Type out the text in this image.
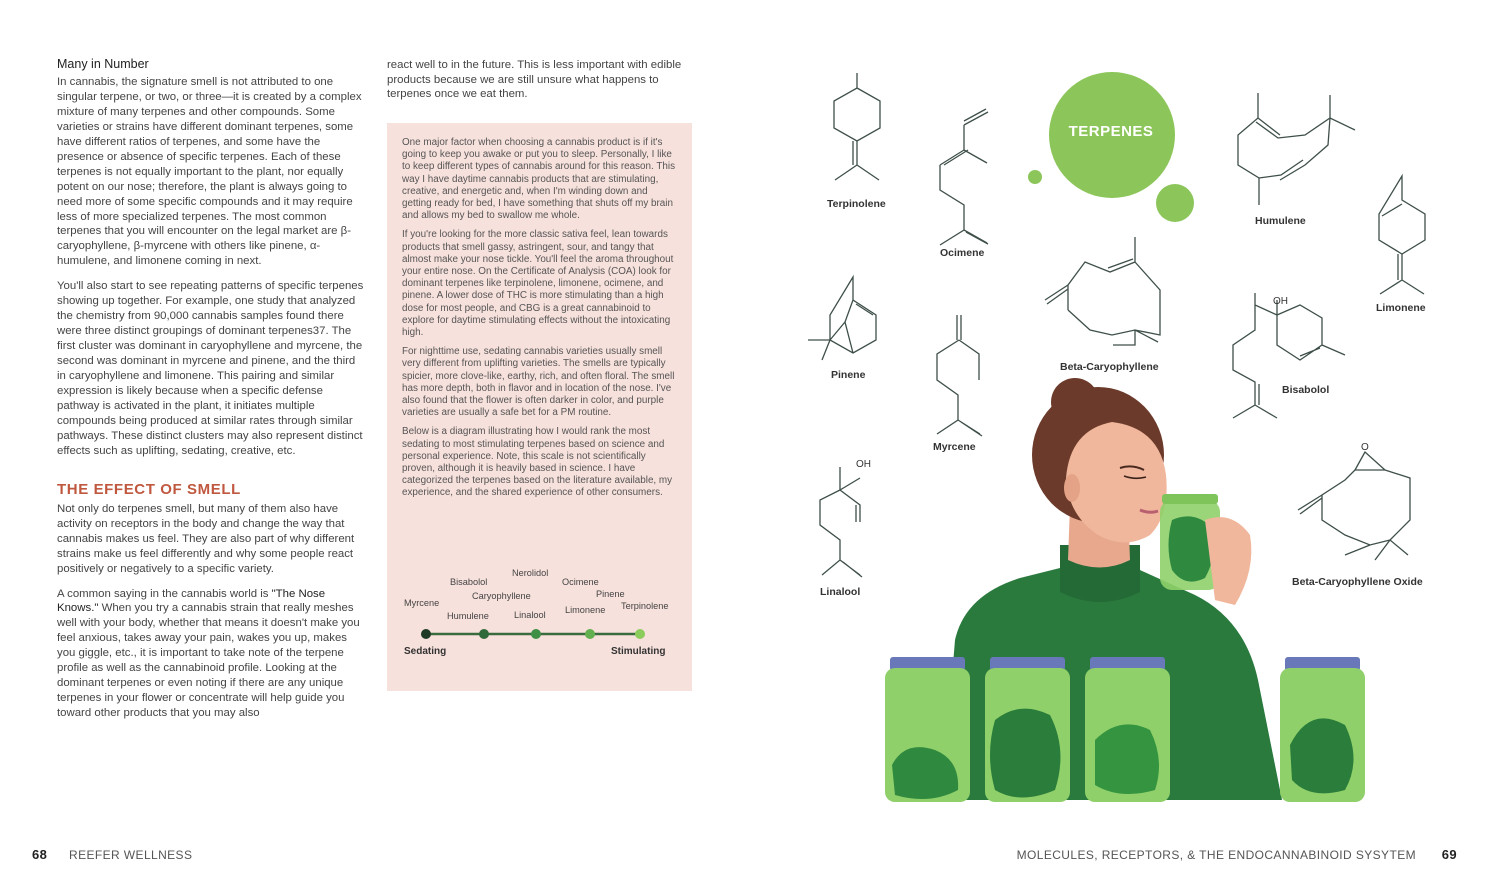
Many in Number

In cannabis, the signature smell is not attributed to one singular terpene, or two, or three—it is created by a complex mixture of many terpenes and other compounds. Some varieties or strains have different dominant terpenes, some have different ratios of terpenes, and some have the presence or absence of specific terpenes. Each of these terpenes is not equally important to the plant, nor equally potent on our nose; therefore, the plant is always going to need more of some specific compounds and it may require less of more specialized terpenes. The most common terpenes that you will encounter on the legal market are β-caryophyllene, β-myrcene with others like pinene, α-humulene, and limonene coming in next.

You'll also start to see repeating patterns of specific terpenes showing up together. For example, one study that analyzed the chemistry from 90,000 cannabis samples found there were three distinct groupings of dominant terpenes37. The first cluster was dominant in caryophyllene and myrcene, the second was dominant in myrcene and pinene, and the third in caryophyllene and limonene. This pairing and similar expression is likely because when a specific defense pathway is activated in the plant, it initiates multiple compounds being produced at similar rates through similar pathways. These distinct clusters may also represent distinct effects such as uplifting, sedating, creative, etc.

THE EFFECT OF SMELL

Not only do terpenes smell, but many of them also have activity on receptors in the body and change the way that cannabis makes us feel. They are also part of why different strains make us feel differently and why some people react positively or negatively to a specific variety.

A common saying in the cannabis world is "The Nose Knows." When you try a cannabis strain that really meshes well with your body, whether that means it doesn't make you feel anxious, takes away your pain, wakes you up, makes you giggle, etc., it is important to take note of the terpene profile as well as the cannabinoid profile. Looking at the dominant terpenes or even noting if there are any unique terpenes in your flower or concentrate will help guide you toward other products that you may also

react well to in the future. This is less important with edible products because we are still unsure what happens to terpenes once we eat them.

One major factor when choosing a cannabis product is if it's going to keep you awake or put you to sleep. Personally, I like to keep different types of cannabis around for this reason. This way I have daytime cannabis products that are stimulating, creative, and energetic and, when I'm winding down and getting ready for bed, I have something that shuts off my brain and allows my bed to swallow me whole.

If you're looking for the more classic sativa feel, lean towards products that smell gassy, astringent, sour, and tangy that almost make your nose tickle. You'll feel the aroma throughout your entire nose. On the Certificate of Analysis (COA) look for dominant terpenes like terpinolene, limonene, ocimene, and pinene. A lower dose of THC is more stimulating than a high dose for most people, and CBG is a great cannabinoid to explore for daytime stimulating effects without the intoxicating high.

For nighttime use, sedating cannabis varieties usually smell very different from uplifting varieties. The smells are typically spicier, more clove-like, earthy, rich, and often floral. The smell has more depth, both in flavor and in location of the nose. I've also found that the flower is often darker in color, and purple varieties are usually a safe bet for a PM routine.

Below is a diagram illustrating how I would rank the most sedating to most stimulating terpenes based on science and personal experience. Note, this scale is not scientifically proven, although it is heavily based in science. I have categorized the terpenes based on the literature available, my experience, and the shared experience of other consumers.

Myrcene
Bisabolol
Humulene
Caryophyllene
Nerolidol
Linalool
Ocimene
Limonene
Pinene
Terpinolene
Sedating	Stimulating
68 REEFER WELLNESS	MOLECULES, RECEPTORS, & THE ENDOCANNABINOID SYSYTEM 69
TERPENES
Terpinolene
Ocimene
Humulene
Limonene
Pinene
Myrcene
Beta-Caryophyllene
Bisabolol
Linalool
Beta-Caryophyllene Oxide
OH
OH
O
